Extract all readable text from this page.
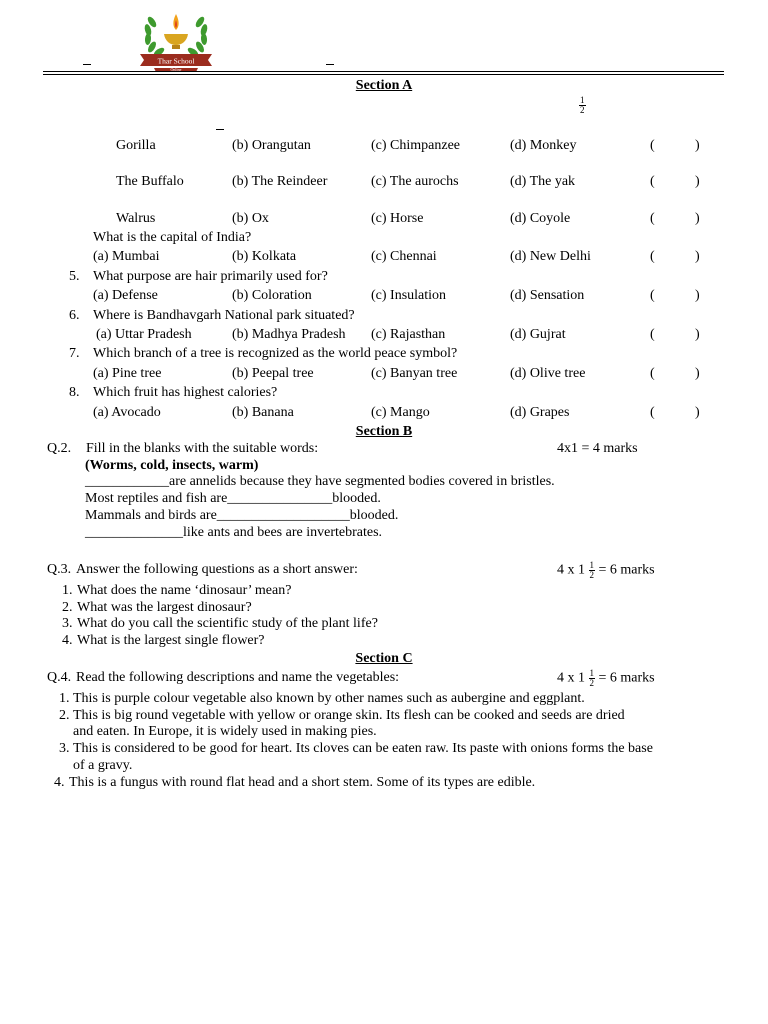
Thar School
Online
Section A
$\frac{1}{2}$
Gorilla	(b) Orangutan	(c) Chimpanzee	(d) Monkey	(	)
The Buffalo	(b) The Reindeer	(c) The aurochs	(d) The yak	(	)
Walrus	(b) Ox	(c) Horse	(d) Coyole	(	)
What is the capital of India?
(a) Mumbai	(b) Kolkata	(c) Chennai	(d) New Delhi	(	)
5. What purpose are hair primarily used for?
(a) Defense	(b) Coloration	(c) Insulation	(d) Sensation	(	)
6. Where is Bandhavgarh National park situated?
(a) Uttar Pradesh	(b) Madhya Pradesh (c) Rajasthan	(d) Gujrat	(	)
7. Which branch of a tree is recognized as the world peace symbol?
(a) Pine tree	(b) Peepal tree	(c) Banyan tree	(d) Olive tree	(	)
8. Which fruit has highest calories?
(a) Avocado	(b) Banana	(c) Mango	(d) Grapes	(	)
Section B
Q.2. Fill in the blanks with the suitable words:	4x1 = 4 marks
(Worms, cold, insects, warm)
____________are annelids because they have segmented bodies covered in bristles.
Most reptiles and fish are_______________blooded.
Mammals and birds are___________________blooded.
______________like ants and bees are invertebrates.
Q.3. Answer the following questions as a short answer:	4 x $1 \frac{1}{2} = 6$ marks
1. What does the name ‘dinosaur’ mean?
2. What was the largest dinosaur?
3. What do you call the scientific study of the plant life?
4. What is the largest single flower?
Section C
Q.4. Read the following descriptions and name the vegetables:	4 x $1 \frac{1}{2} = 6$ marks
1. This is purple colour vegetable also known by other names such as aubergine and eggplant.
2. This is big round vegetable with yellow or orange skin. Its flesh can be cooked and seeds are dried
and eaten. In Europe, it is widely used in making pies.
3. This is considered to be good for heart. Its cloves can be eaten raw. Its paste with onions forms the base
of a gravy.
4. This is a fungus with round flat head and a short stem. Some of its types are edible.
